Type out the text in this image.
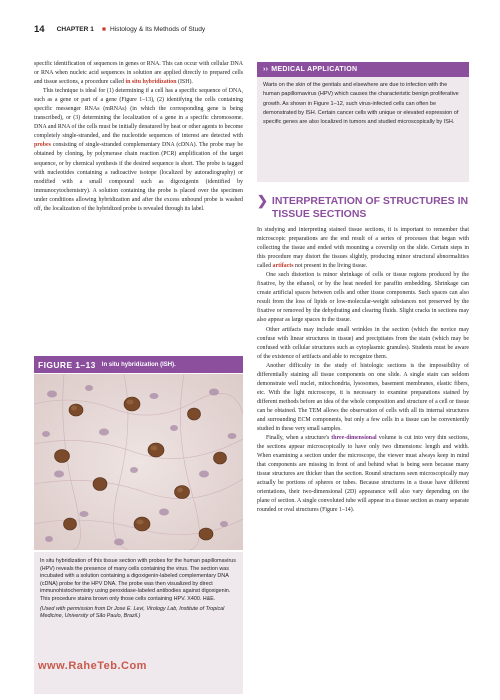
14 CHAPTER 1 ■ Histology & Its Methods of Study

specific identification of sequences in genes or RNA. This can occur with cellular DNA or RNA when nucleic acid sequences in solution are applied directly to prepared cells and tissue sections, a procedure called in situ hybridization (ISH).

This technique is ideal for (1) determining if a cell has a specific sequence of DNA, such as a gene or part of a gene (Figure 1–13), (2) identifying the cells containing specific messenger RNAs (mRNAs) (in which the corresponding gene is being transcribed), or (3) determining the localization of a gene in a specific chromosome. DNA and RNA of the cells must be initially denatured by heat or other agents to become completely single-stranded, and the nucleotide sequences of interest are detected with probes consisting of single-stranded complementary DNA (cDNA). The probe may be obtained by cloning, by polymerase chain reaction (PCR) amplification of the target sequence, or by chemical synthesis if the desired sequence is short. The probe is tagged with nucleotides containing a radioactive isotope (localized by autoradiography) or modified with a small compound such as digoxigenin (identified by immunocytochemistry). A solution containing the probe is placed over the specimen under conditions allowing hybridization and after the excess unbound probe is washed off, the localization of the hybridized probe is revealed through its label.

FIGURE 1–13 In situ hybridization (ISH).
In situ hybridization of this tissue section with probes for the human papillomavirus (HPV) reveals the presence of many cells containing the virus. The section was incubated with a solution containing a digoxigenin-labeled complementary DNA (cDNA) probe for the HPV DNA. The probe was then visualized by direct immunohistochemistry using peroxidase-labeled antibodies against digoxigenin. This procedure stains brown only those cells containing HPV. X400. H&E.
(Used with permission from Dr Jose E. Levi, Virology Lab, Institute of Tropical Medicine, University of São Paulo, Brazil.)
www.RaheTeb.Com
›› MEDICAL APPLICATION
Warts on the skin of the genitals and elsewhere are due to infection with the human papillomavirus (HPV) which causes the characteristic benign proliferative growth. As shown in Figure 1–12, such virus-infected cells can often be demonstrated by ISH. Certain cancer cells with unique or elevated expression of specific genes are also localized in tumors and studied microscopically by ISH.
❯ INTERPRETATION OF STRUCTURES IN TISSUE SECTIONS

In studying and interpreting stained tissue sections, it is important to remember that microscopic preparations are the end result of a series of processes that began with collecting the tissue and ended with mounting a coverslip on the slide. Certain steps in this procedure may distort the tissues slightly, producing minor structural abnormalities called artifacts not present in the living tissue.

One such distortion is minor shrinkage of cells or tissue regions produced by the fixative, by the ethanol, or by the heat needed for paraffin embedding. Shrinkage can create artificial spaces between cells and other tissue components. Such spaces can also result from the loss of lipids or low-molecular-weight substances not preserved by the fixative or removed by the dehydrating and clearing fluids. Slight cracks in sections may also appear as large spaces in the tissue.

Other artifacts may include small wrinkles in the section (which the novice may confuse with linear structures in tissue) and precipitates from the stain (which may be confused with cellular structures such as cytoplasmic granules). Students must be aware of the existence of artifacts and able to recognize them.

Another difficulty in the study of histologic sections is the impossibility of differentially staining all tissue components on one slide. A single stain can seldom demonstrate well nuclei, mitochondria, lysosomes, basement membranes, elastic fibers, etc. With the light microscope, it is necessary to examine preparations stained by different methods before an idea of the whole composition and structure of a cell or tissue can be obtained. The TEM allows the observation of cells with all its internal structures and surrounding ECM components, but only a few cells in a tissue can be conveniently studied in these very small samples.

Finally, when a structure's three-dimensional volume is cut into very thin sections, the sections appear microscopically to have only two dimensions: length and width. When examining a section under the microscope, the viewer must always keep in mind that components are missing in front of and behind what is being seen because many tissue structures are thicker than the section. Round structures seen microscopically may actually be portions of spheres or tubes. Because structures in a tissue have different orientations, their two-dimensional (2D) appearance will also vary depending on the plane of section. A single convoluted tube will appear in a tissue section as many separate rounded or oval structures (Figure 1–14).
